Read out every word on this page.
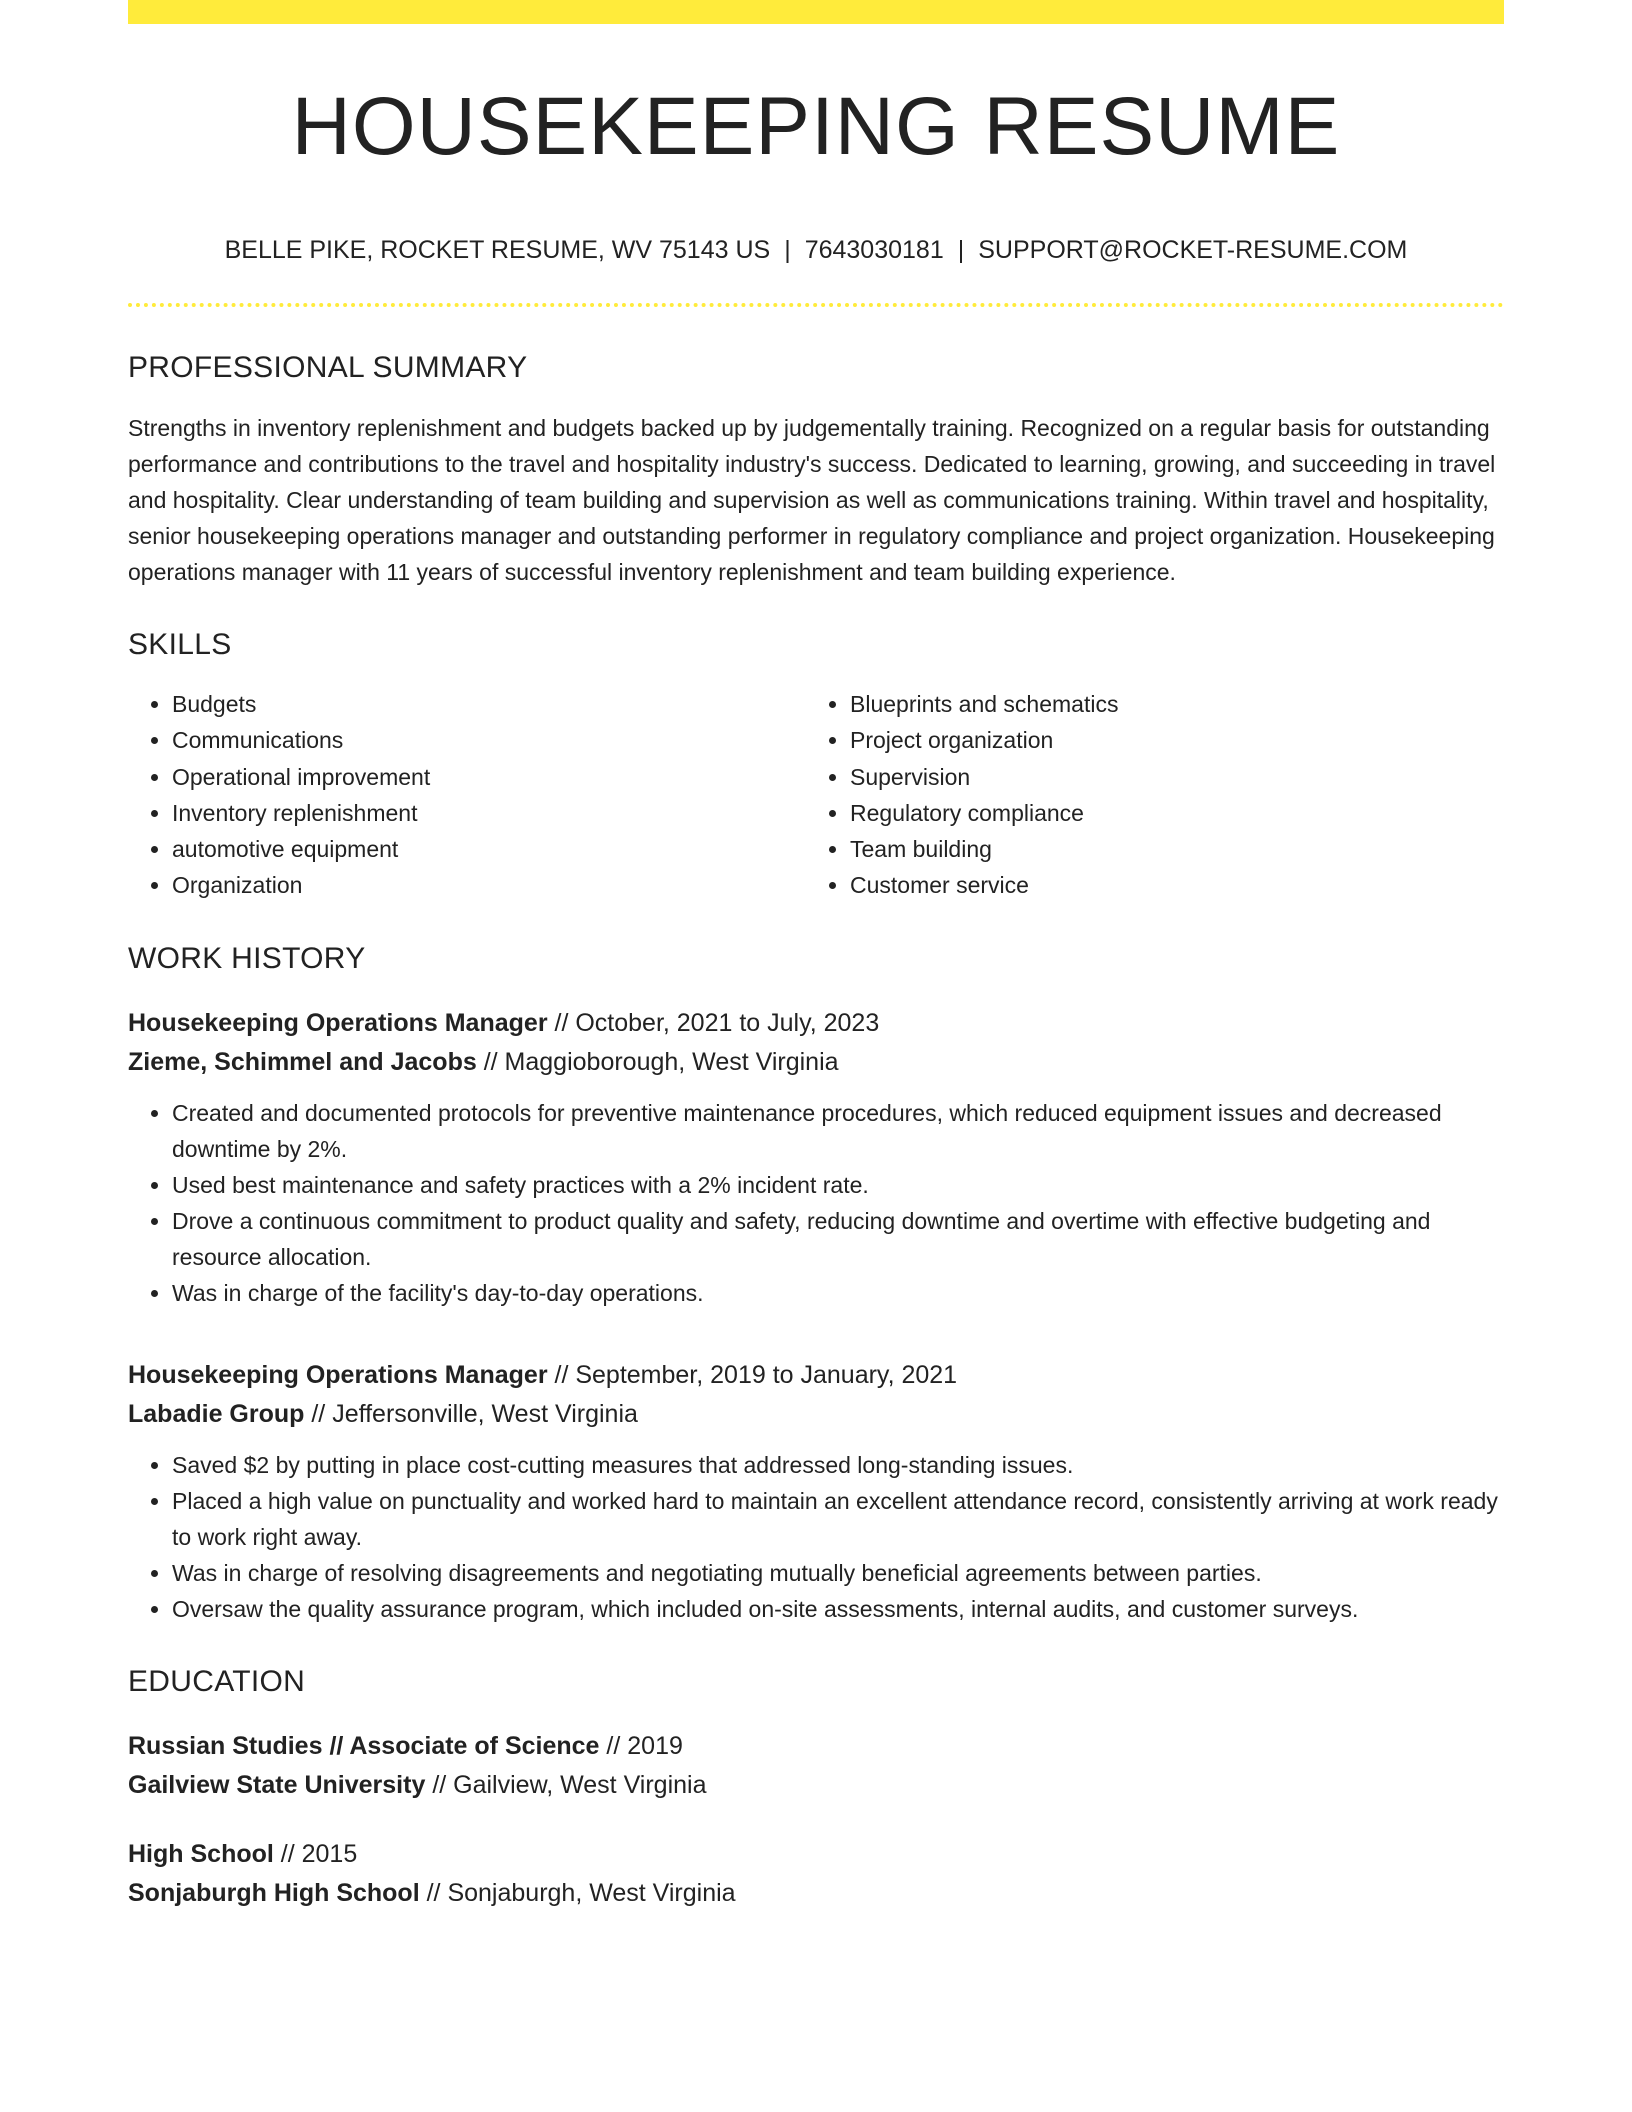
HOUSEKEEPING RESUME
BELLE PIKE, ROCKET RESUME, WV 75143 US | 7643030181 | SUPPORT@ROCKET-RESUME.COM
PROFESSIONAL SUMMARY
Strengths in inventory replenishment and budgets backed up by judgementally training. Recognized on a regular basis for outstanding performance and contributions to the travel and hospitality industry's success. Dedicated to learning, growing, and succeeding in travel and hospitality. Clear understanding of team building and supervision as well as communications training. Within travel and hospitality, senior housekeeping operations manager and outstanding performer in regulatory compliance and project organization. Housekeeping operations manager with 11 years of successful inventory replenishment and team building experience.
SKILLS
• Budgets
• Communications
• Operational improvement
• Inventory replenishment
• automotive equipment
• Organization
• Blueprints and schematics
• Project organization
• Supervision
• Regulatory compliance
• Team building
• Customer service
WORK HISTORY
Housekeeping Operations Manager // October, 2021 to July, 2023
Zieme, Schimmel and Jacobs // Maggioborough, West Virginia
• Created and documented protocols for preventive maintenance procedures, which reduced equipment issues and decreased downtime by 2%.
• Used best maintenance and safety practices with a 2% incident rate.
• Drove a continuous commitment to product quality and safety, reducing downtime and overtime with effective budgeting and resource allocation.
• Was in charge of the facility's day-to-day operations.
Housekeeping Operations Manager // September, 2019 to January, 2021
Labadie Group // Jeffersonville, West Virginia
• Saved $2 by putting in place cost-cutting measures that addressed long-standing issues.
• Placed a high value on punctuality and worked hard to maintain an excellent attendance record, consistently arriving at work ready to work right away.
• Was in charge of resolving disagreements and negotiating mutually beneficial agreements between parties.
• Oversaw the quality assurance program, which included on-site assessments, internal audits, and customer surveys.
EDUCATION
Russian Studies // Associate of Science // 2019
Gailview State University // Gailview, West Virginia
High School // 2015
Sonjaburgh High School // Sonjaburgh, West Virginia
